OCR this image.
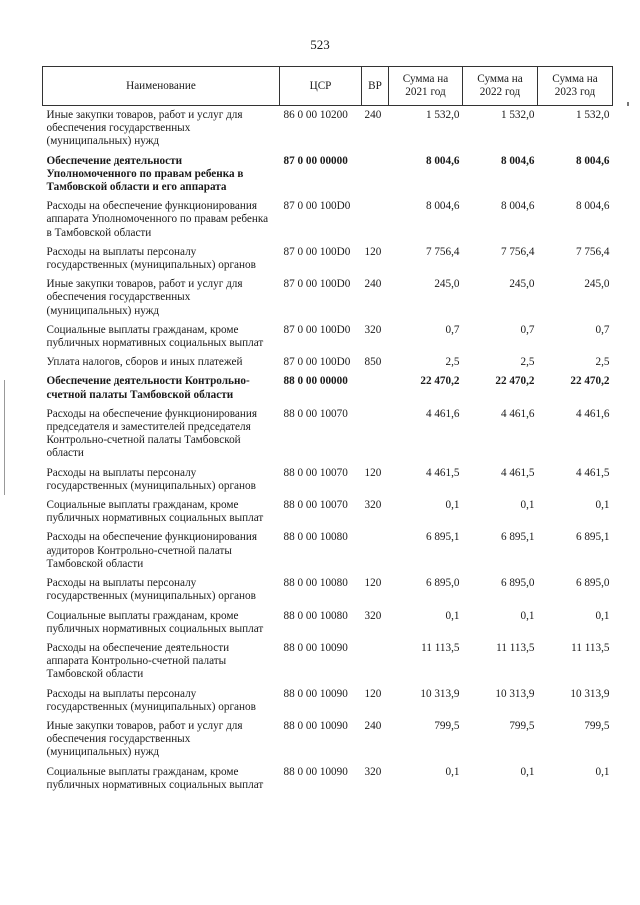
523
Наименование	ЦСР	ВР	Сумма на 2021 год	Сумма на 2022 год	Сумма на 2023 год
Иные закупки товаров, работ и услуг для обеспечения государственных (муниципальных) нужд	86 0 00 10200	240	1 532,0	1 532,0	1 532,0
Обеспечение деятельности Уполномоченного по правам ребенка в Тамбовской области и его аппарата	87 0 00 00000		8 004,6	8 004,6	8 004,6
Расходы на обеспечение функционирования аппарата Уполномоченного по правам ребенка в Тамбовской области	87 0 00 100D0		8 004,6	8 004,6	8 004,6
Расходы на выплаты персоналу государственных (муниципальных) органов	87 0 00 100D0	120	7 756,4	7 756,4	7 756,4
Иные закупки товаров, работ и услуг для обеспечения государственных (муниципальных) нужд	87 0 00 100D0	240	245,0	245,0	245,0
Социальные выплаты гражданам, кроме публичных нормативных социальных выплат	87 0 00 100D0	320	0,7	0,7	0,7
Уплата налогов, сборов и иных платежей	87 0 00 100D0	850	2,5	2,5	2,5
Обеспечение деятельности Контрольно-счетной палаты Тамбовской области	88 0 00 00000		22 470,2	22 470,2	22 470,2
Расходы на обеспечение функционирования председателя и заместителей председателя Контрольно-счетной палаты Тамбовской области	88 0 00 10070		4 461,6	4 461,6	4 461,6
Расходы на выплаты персоналу государственных (муниципальных) органов	88 0 00 10070	120	4 461,5	4 461,5	4 461,5
Социальные выплаты гражданам, кроме публичных нормативных социальных выплат	88 0 00 10070	320	0,1	0,1	0,1
Расходы на обеспечение функционирования аудиторов Контрольно-счетной палаты Тамбовской области	88 0 00 10080		6 895,1	6 895,1	6 895,1
Расходы на выплаты персоналу государственных (муниципальных) органов	88 0 00 10080	120	6 895,0	6 895,0	6 895,0
Социальные выплаты гражданам, кроме публичных нормативных социальных выплат	88 0 00 10080	320	0,1	0,1	0,1
Расходы на обеспечение деятельности аппарата Контрольно-счетной палаты Тамбовской области	88 0 00 10090		11 113,5	11 113,5	11 113,5
Расходы на выплаты персоналу государственных (муниципальных) органов	88 0 00 10090	120	10 313,9	10 313,9	10 313,9
Иные закупки товаров, работ и услуг для обеспечения государственных (муниципальных) нужд	88 0 00 10090	240	799,5	799,5	799,5
Социальные выплаты гражданам, кроме публичных нормативных социальных выплат	88 0 00 10090	320	0,1	0,1	0,1
